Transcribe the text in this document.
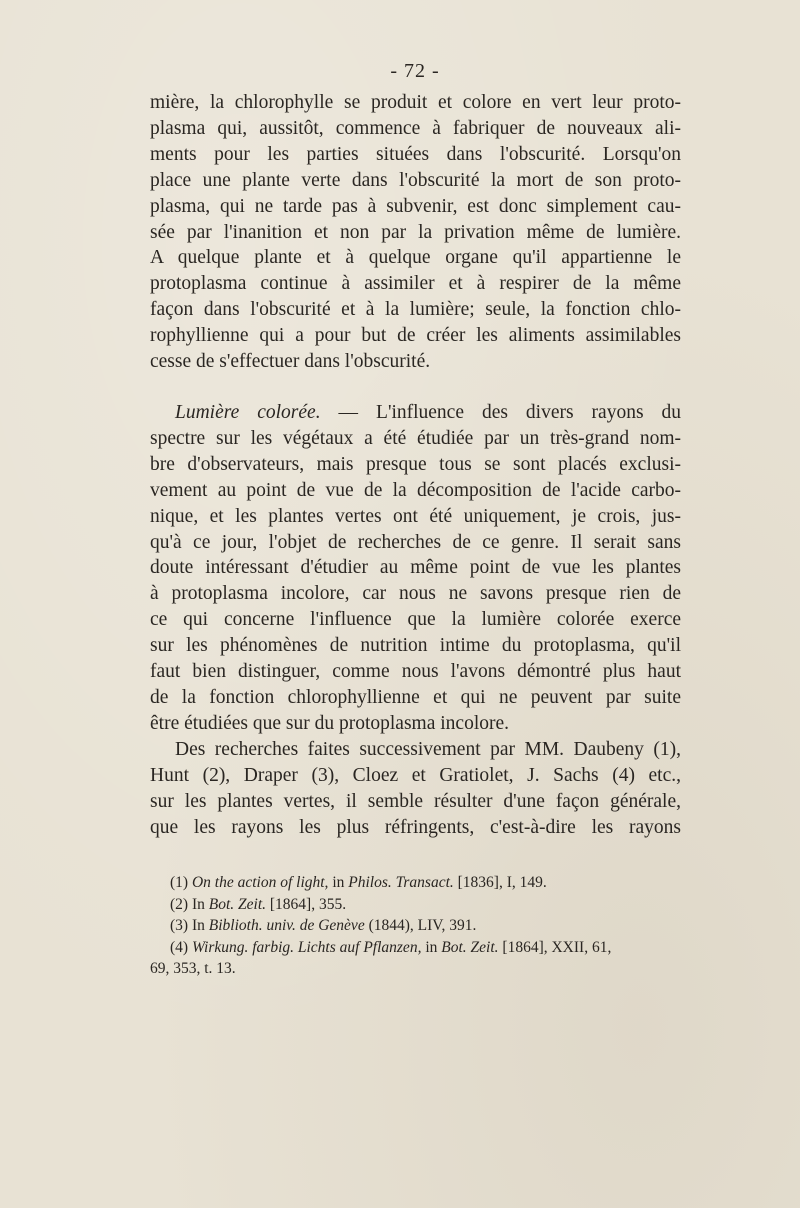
- 72 -
mière, la chlorophylle se produit et colore en vert leur proto-
plasma qui, aussitôt, commence à fabriquer de nouveaux ali-
ments pour les parties situées dans l'obscurité. Lorsqu'on
place une plante verte dans l'obscurité la mort de son proto-
plasma, qui ne tarde pas à subvenir, est donc simplement cau-
sée par l'inanition et non par la privation même de lumière.
A quelque plante et à quelque organe qu'il appartienne le
protoplasma continue à assimiler et à respirer de la même
façon dans l'obscurité et à la lumière; seule, la fonction chlo-
rophyllienne qui a pour but de créer les aliments assimilables
cesse de s'effectuer dans l'obscurité.
Lumière colorée. — L'influence des divers rayons du
spectre sur les végétaux a été étudiée par un très-grand nom-
bre d'observateurs, mais presque tous se sont placés exclusi-
vement au point de vue de la décomposition de l'acide carbo-
nique, et les plantes vertes ont été uniquement, je crois, jus-
qu'à ce jour, l'objet de recherches de ce genre. Il serait sans
doute intéressant d'étudier au même point de vue les plantes
à protoplasma incolore, car nous ne savons presque rien de
ce qui concerne l'influence que la lumière colorée exerce
sur les phénomènes de nutrition intime du protoplasma, qu'il
faut bien distinguer, comme nous l'avons démontré plus haut
de la fonction chlorophyllienne et qui ne peuvent par suite
être étudiées que sur du protoplasma incolore.
Des recherches faites successivement par MM. Daubeny (1),
Hunt (2), Draper (3), Cloez et Gratiolet, J. Sachs (4) etc.,
sur les plantes vertes, il semble résulter d'une façon générale,
que les rayons les plus réfringents, c'est-à-dire les rayons
(1) On the action of light, in Philos. Transact. [1836], I, 149.
(2) In Bot. Zeit. [1864], 355.
(3) In Biblioth. univ. de Genève (1844), LIV, 391.
(4) Wirkung. farbig. Lichts auf Pflanzen, in Bot. Zeit. [1864], XXII, 61,
69, 353, t. 13.
